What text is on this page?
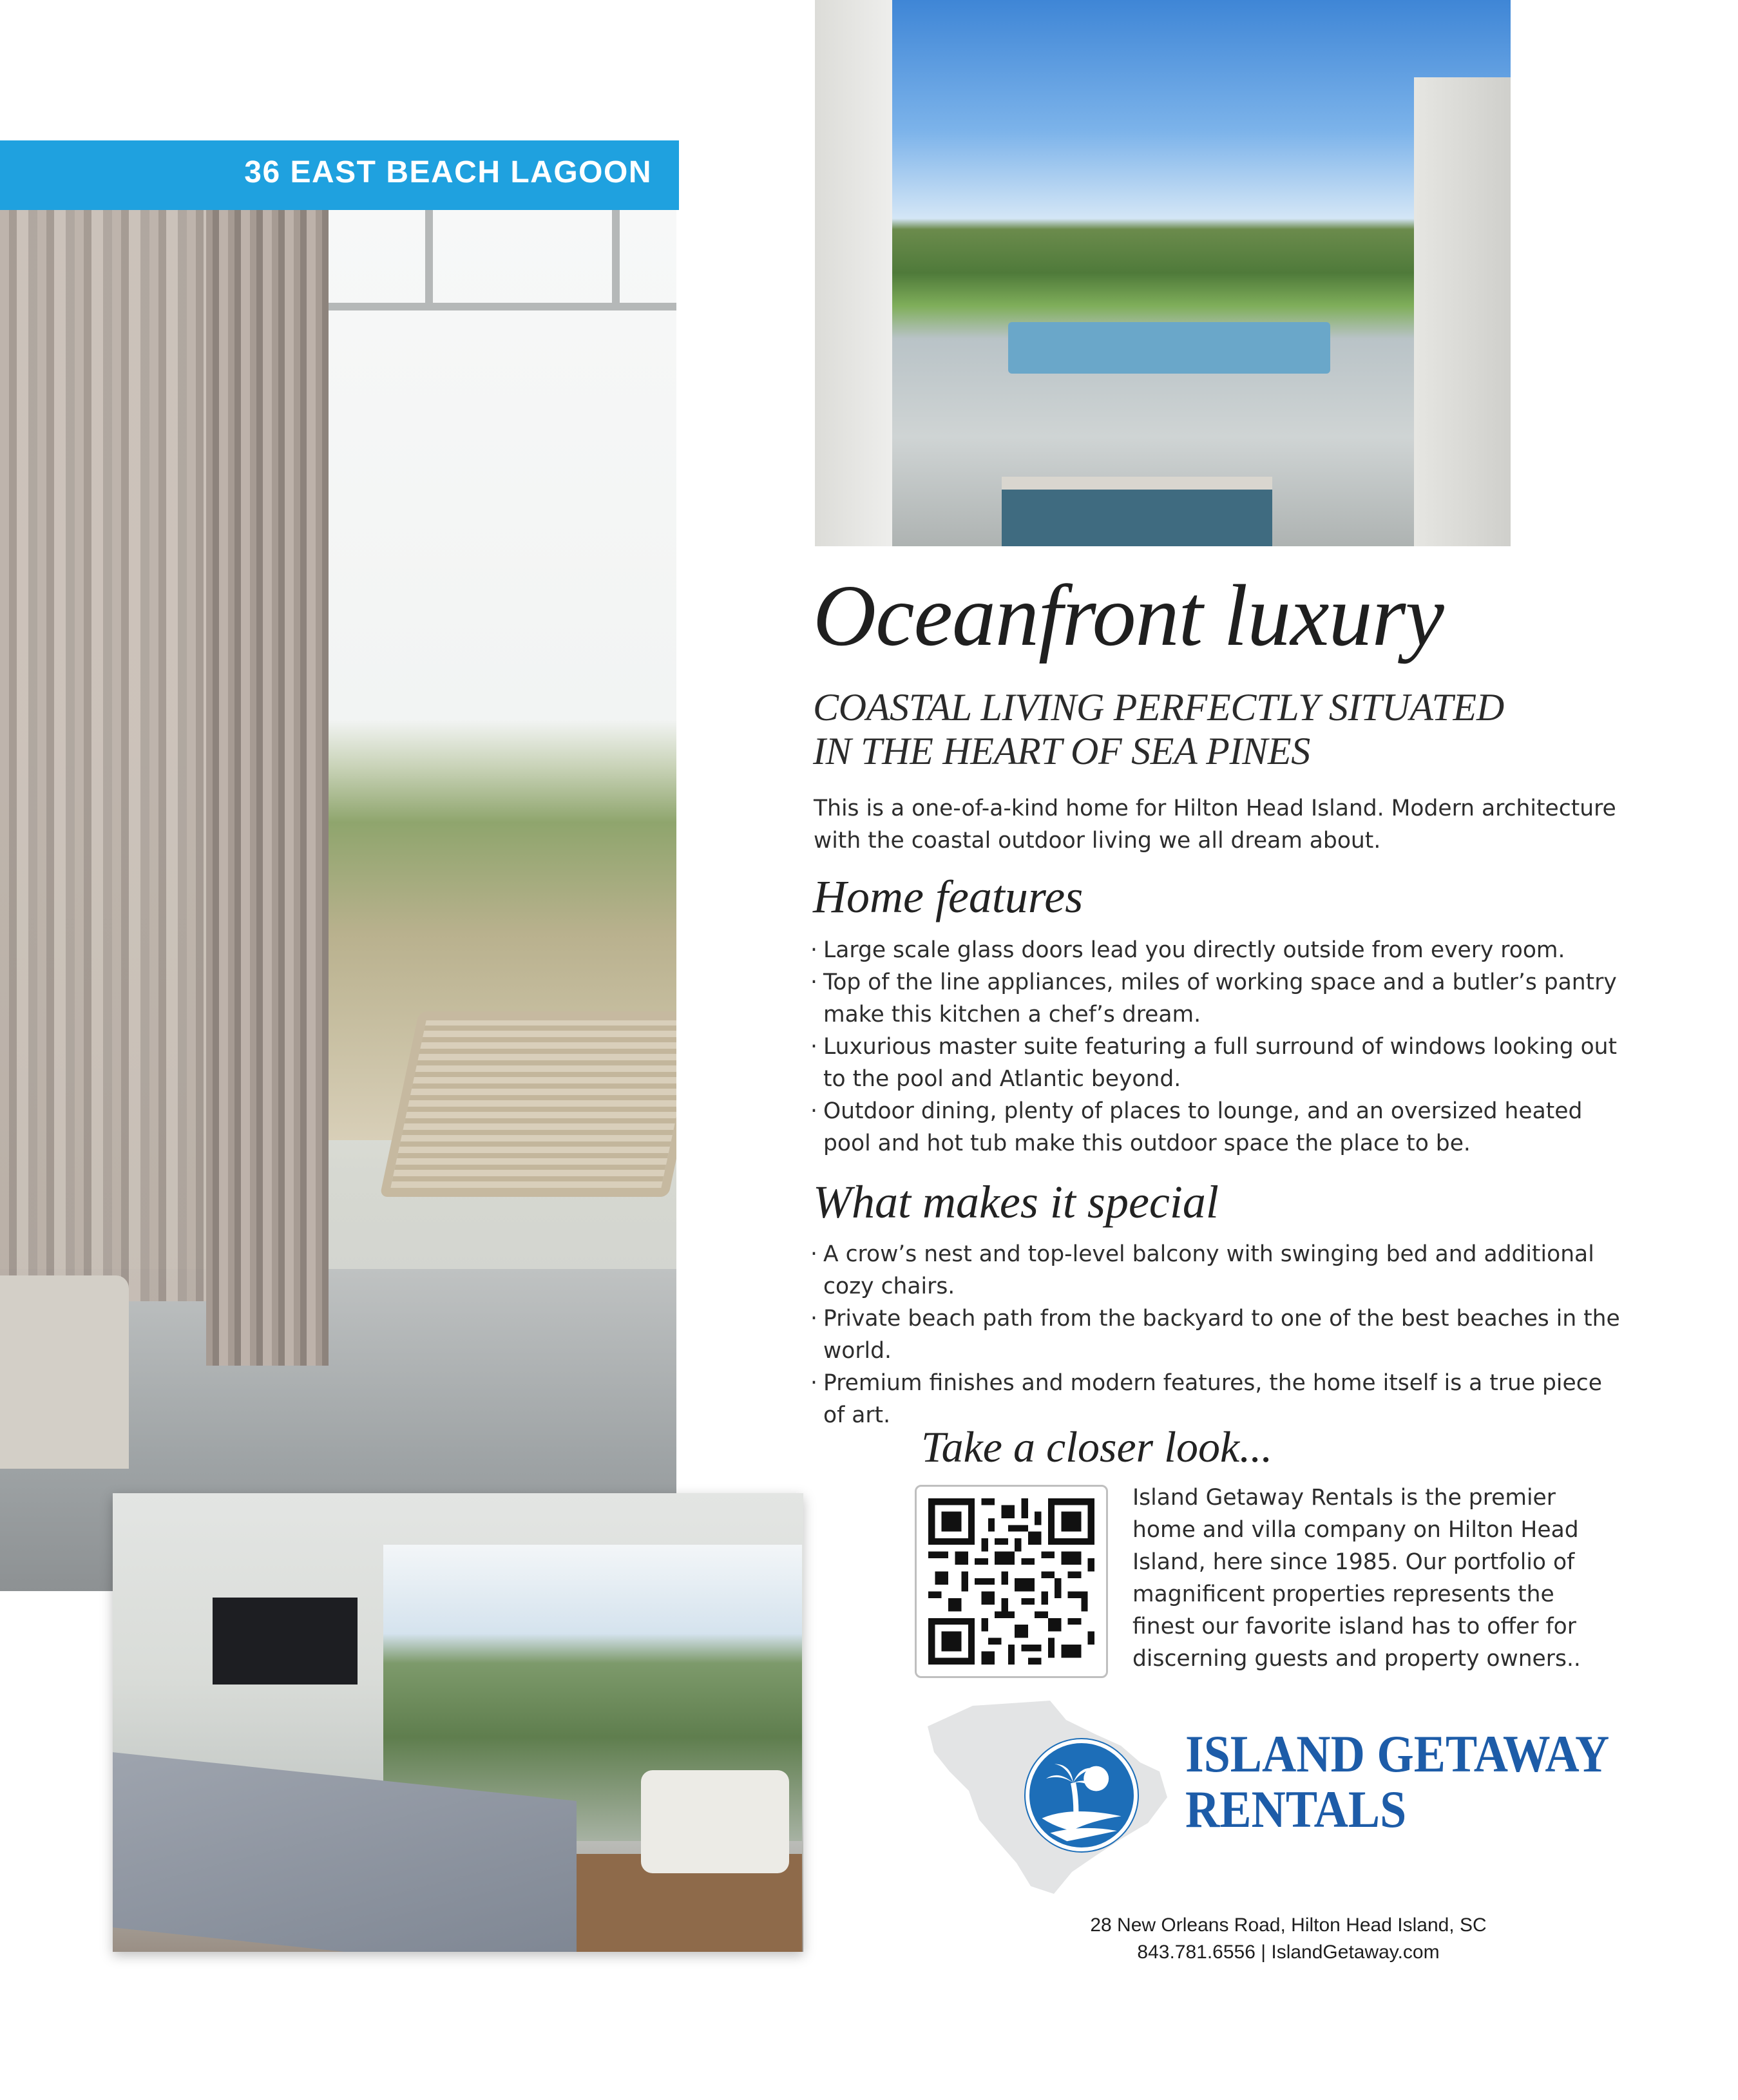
36 EAST BEACH LAGOON
Oceanfront luxury
COASTAL LIVING PERFECTLY SITUATED
IN THE HEART OF SEA PINES
This is a one-of-a-kind home for Hilton Head Island. Modern architecture with the coastal outdoor living we all dream about.
Home features
· Large scale glass doors lead you directly outside from every room.
· Top of the line appliances, miles of working space and a butler’s pantry make this kitchen a chef’s dream.
· Luxurious master suite featuring a full surround of windows looking out to the pool and Atlantic beyond.
· Outdoor dining, plenty of places to lounge, and an oversized heated pool and hot tub make this outdoor space the place to be.
What makes it special
· A crow’s nest and top-level balcony with swinging bed and additional cozy chairs.
· Private beach path from the backyard to one of the best beaches in the world.
· Premium finishes and modern features, the home itself is a true piece of art.
Take a closer look...
Island Getaway Rentals is the premier home and villa company on Hilton Head Island, here since 1985. Our portfolio of magnificent properties represents the finest our favorite island has to offer for discerning guests and property owners..
ISLAND GETAWAY
RENTALS
28 New Orleans Road, Hilton Head Island, SC
843.781.6556 | IslandGetaway.com
